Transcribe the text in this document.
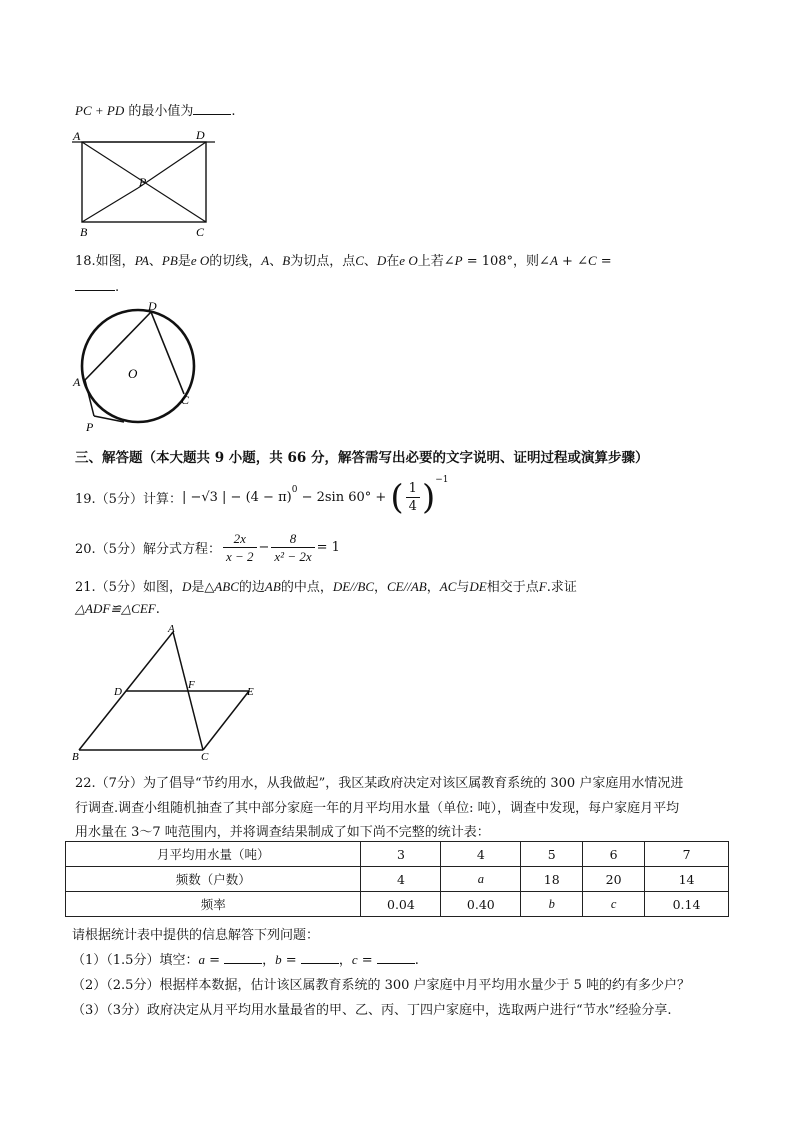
PC + PD 的最小值为	.
A	D
P
B	C
18.如图，PA、PB是e O的切线，A、B为切点，点C、D在e O上若∠P = 108°，则∠A + ∠C =
.
A
D
O
C
P
三、解答题（本大题共 9 小题，共 66 分，解答需写出必要的文字说明、证明过程或演算步骤）
19.（5分）计算：| −√3 | − $(4 - \pi)^0 - 2\sin$ 60° + ( $\frac{1}{4} )^{-1}$
20.（5分）解分式方程： $\frac{2x}{x - 2} - \frac{8}{\text{x² − 2x}} = 1$
21.（5分）如图，D是△ABC的边AB的中点，DE//BC，CE//AB，AC与DE相交于点F.求证
△ADF≌△CEF.
A
D
F
E
B	C
22.（7分）为了倡导“节约用水，从我做起”，我区某政府决定对该区属教育系统的 300 户家庭用水情况进
行调查.调查小组随机抽查了其中部分家庭一年的月平均用水量（单位: 吨），调查中发现，每户家庭月平均
用水量在 3～7 吨范围内，并将调查结果制成了如下尚不完整的统计表：
月平均用水量（吨）	3	4	5	6	7
频数（户数）	4	a	18	20	14
频率	0.04	0.40	b	c	0.14
请根据统计表中提供的信息解答下列问题：
（1）（1.5分）填空：a =	，b =	，c =	.
（2）（2.5分）根据样本数据，估计该区属教育系统的 300 户家庭中月平均用水量少于 5 吨的约有多少户？
（3）（3分）政府决定从月平均用水量最省的甲、乙、丙、丁四户家庭中，选取两户进行“节水”经验分享.
